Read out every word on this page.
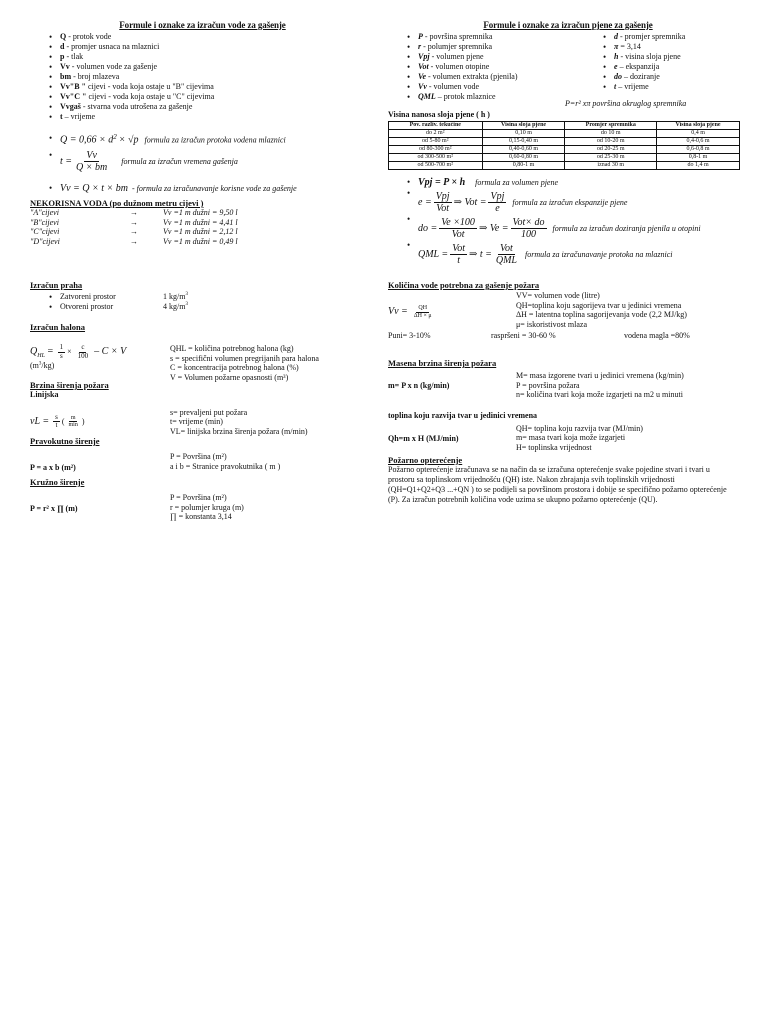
Formule i oznake za izračun vode za gašenje
• Q - protok vode
• d - promjer usnaca na mlaznici
• p - tlak
• Vv - volumen vode za gašenje
• bm - broj mlazeva
• Vv"B " cijevi - voda koja ostaje u "B" cijevima
• Vv"C " cijevi - voda koja ostaje u "C" cijevima
• Vvgaš - stvarna voda utrošena za gašenje
• t – vrijeme
• $Q = 0,66 \times d^2 \times √p$ formula za izračun protoka vodena mlaznici
• $t = \frac{Vv}{Q \times bm}$
formula za izračun vremena gašenja
• Vv = Q × t × bm - formula za izračunavanje korisne vode za gašenje
NEKORISNA VODA (po dužnom metru cijevi )
"A"cijevi	→	Vv =1 m dužni = 9,50 l
"B"cijevi	→	Vv =1 m dužni = 4,41 l
"C"cijevi	→	Vv =1 m dužni = 2,12 l
"D"cijevi	→	Vv =1 m dužni = 0,49 l
Izračun praha
• Zatvoreni prostor	1 kg/m 3
• Otvoreni prostor	4 kg/m 3
Izračun halona
$Q_{HL} = \frac{1}{s} \times \frac{c}{100} - C \times V$
$(m^3/kg)$
QHL = količina potrebnog halona (kg)
s = specifični volumen pregrijanih para halona
C = koncentracija potrebnog halona (%)
V = Volumen požarne opasnosti (m³)
Brzina širenja požara
Linijska
vL = $\frac{s}{t}$ ( $\frac{m}{\min}$ )
s= prevaljeni put požara
t= vrijeme (min)
VL= linijska brzina širenja požara (m/min)
Pravokutno širenje
P = a x b (m²)
P = Površina (m²)
a i b = Stranice pravokutnika ( m )
Kružno širenje
P = r² x ∏ (m)
P = Površina (m²)
r = polumjer kruga (m)
∏ = konstanta 3,14
Formule i oznake za izračun pjene za gašenje
• P - površina spremnika
• r - polumjer spremnika
• Vpj - volumen pjene
• Vot - volumen otopine
• Ve - volumen extrakta (pjenila)
• Vv - volumen vode
• QML – protok mlaznice
• d - promjer spremnika
• π = 3,14
• h - visina sloja pjene
• e – ekspanzija
• do – doziranje
• t – vrijeme
P=r² xπ površina okruglog spremnika
Visina nanosa sloja pjene ( h )
Pov. razliv. tekućine	Visina sloja pjene	Promjer spremnika	Visina sloja pjene
do 2 m²	0,10 m	do 10 m	0,4 m
od 5-80 m²	0,15-0,40 m	od 10-20 m	0,4-0,6 m
od 80-300 m²	0,40-0,60 m	od 20-25 m	0,6-0,8 m
od 300-500 m²	0,60-0,80 m	od 25-30 m	0,8-1 m
od 500-700 m²	0,80-1 m	iznad 30 m	do 1,4 m
• Vpj = P × h formula za volumen pjene
• $e = \frac{\text{Vpj}}{\text{Vot}}$ ⇒ Vot = $\frac{\text{Vpj}}{e}$
formula za izračun ekspanzije pjene
• do = $\frac{Ve \times 100}{\text{Vot}}$ ⇒ $Ve = \frac{\text{Vot× do}}{100}$
formula za izračun doziranja pjenila u otopini
• QML = $\frac{\text{Vot}}{t}$ ⇒ $t = \frac{\text{Vot}}{\text{QML}}$
formula za izračunavanje protoka na mlaznici
Količina vode potrebna za gašenje požara
$Vv = \frac{QH}{\Delta H \times \mu}$
VV= volumen vode (litre)
QH=toplina koju sagorijeva tvar u jedinici vremena
ΔH = latentna toplina sagorijevanja vode (2,2 MJ/kg)
μ= iskoristivost mlaza
Puni= 3-10%	raspršeni = 30-60 %	vodena magla =80%
Masena brzina širenja požara
m= P x n (kg/min)
M= masa izgorene tvari u jedinici vremena (kg/min)
P = površina požara
n= količina tvari koja može izgarjeti na m2 u minuti
toplina koju razvija tvar u jedinici vremena
Qh=m x H (MJ/min)
QH= toplina koju razvija tvar (MJ/min)
m= masa tvari koja može izgarjeti
H= toplinska vrijednost
Požarno opterećenje
Požarno opterećenje izračunava se na način da se izračuna opterećenje svake pojedine stvari i tvari u prostoru sa toplinskom vrijednošću (QH) iste. Nakon zbrajanja svih toplinskih vrijednosti (QH=Q1+Q2+Q3 ...+QN ) to se podijeli sa površinom prostora i dobije se specifično požarno opterećenje (P). Za izračun potrebnih količina vode uzima se ukupno požarno opterećenje (QU).
